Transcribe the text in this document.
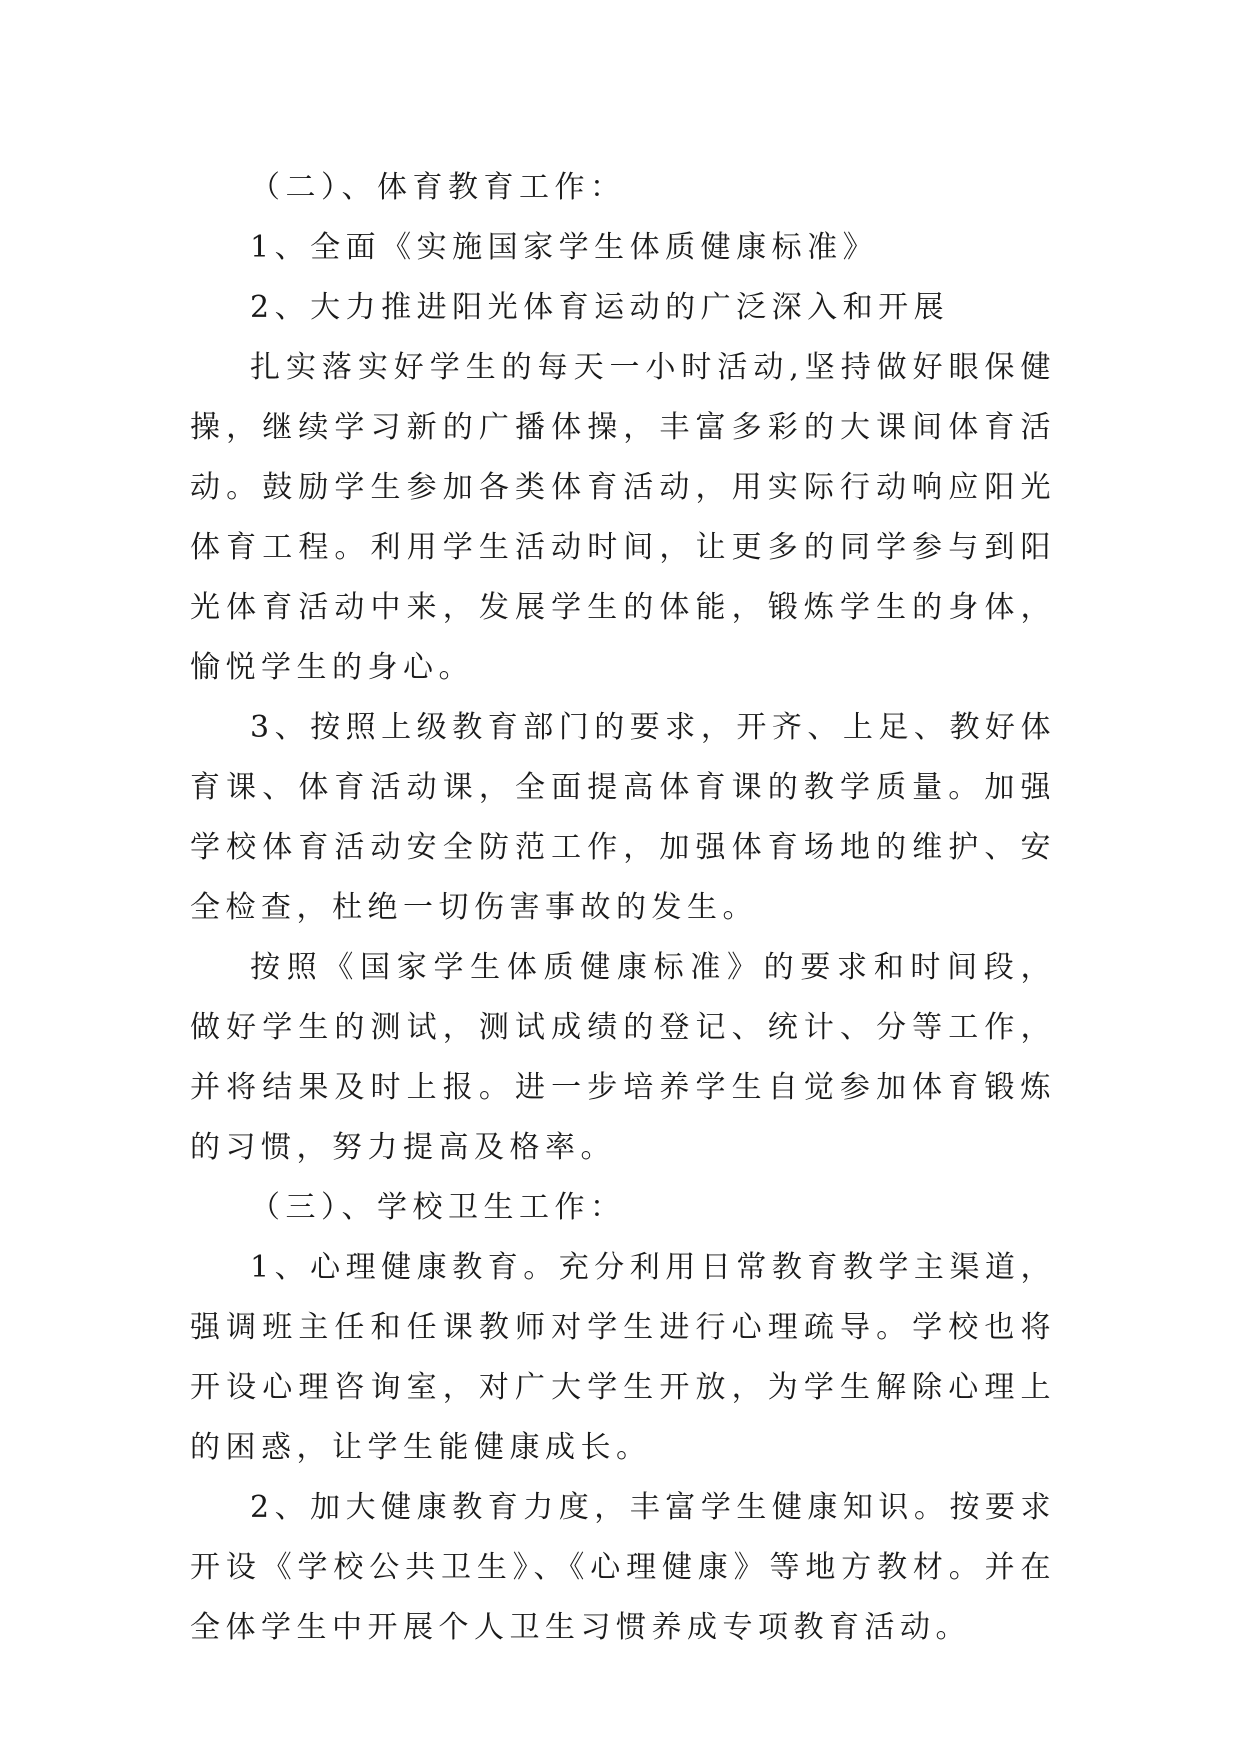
（二）、体育教育工作：

1、全面《实施国家学生体质健康标准》

2、大力推进阳光体育运动的广泛深入和开展

扎实落实好学生的每天一小时活动,坚持做好眼保健操，继续学习新的广播体操，丰富多彩的大课间体育活动。鼓励学生参加各类体育活动，用实际行动响应阳光体育工程。利用学生活动时间，让更多的同学参与到阳光体育活动中来，发展学生的体能，锻炼学生的身体，愉悦学生的身心。

3、按照上级教育部门的要求，开齐、上足、教好体育课、体育活动课，全面提高体育课的教学质量。加强学校体育活动安全防范工作，加强体育场地的维护、安全检查，杜绝一切伤害事故的发生。

按照《国家学生体质健康标准》的要求和时间段，做好学生的测试，测试成绩的登记、统计、分等工作，并将结果及时上报。进一步培养学生自觉参加体育锻炼的习惯，努力提高及格率。

（三）、学校卫生工作：

1、心理健康教育。充分利用日常教育教学主渠道，强调班主任和任课教师对学生进行心理疏导。学校也将开设心理咨询室，对广大学生开放，为学生解除心理上的困惑，让学生能健康成长。

2、加大健康教育力度，丰富学生健康知识。按要求开设《学校公共卫生》、《心理健康》等地方教材。并在全体学生中开展个人卫生习惯养成专项教育活动。
